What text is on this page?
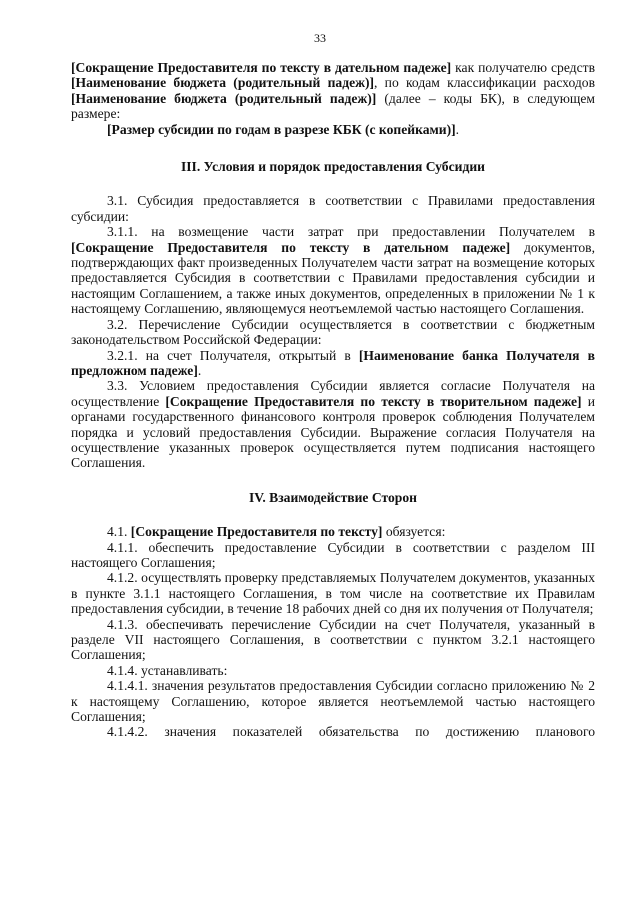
33

[Сокращение Предоставителя по тексту в дательном падеже] как получателю средств [Наименование бюджета (родительный падеж)], по кодам классификации расходов [Наименование бюджета (родительный падеж)] (далее – коды БК), в следующем размере:

[Размер субсидии по годам в разрезе КБК (с копейками)].

III. Условия и порядок предоставления Субсидии

3.1. Субсидия предоставляется в соответствии с Правилами предоставления субсидии:

3.1.1. на возмещение части затрат при предоставлении Получателем в [Сокращение Предоставителя по тексту в дательном падеже] документов, подтверждающих факт произведенных Получателем части затрат на возмещение которых предоставляется Субсидия в соответствии с Правилами предоставления субсидии и настоящим Соглашением, а также иных документов, определенных в приложении № 1 к настоящему Соглашению, являющемуся неотъемлемой частью настоящего Соглашения.

3.2. Перечисление Субсидии осуществляется в соответствии с бюджетным законодательством Российской Федерации:

3.2.1. на счет Получателя, открытый в [Наименование банка Получателя в предложном падеже].

3.3. Условием предоставления Субсидии является согласие Получателя на осуществление [Сокращение Предоставителя по тексту в творительном падеже] и органами государственного финансового контроля проверок соблюдения Получателем порядка и условий предоставления Субсидии. Выражение согласия Получателя на осуществление указанных проверок осуществляется путем подписания настоящего Соглашения.

IV. Взаимодействие Сторон

4.1. [Сокращение Предоставителя по тексту] обязуется:

4.1.1. обеспечить предоставление Субсидии в соответствии с разделом III настоящего Соглашения;

4.1.2. осуществлять проверку представляемых Получателем документов, указанных в пункте 3.1.1 настоящего Соглашения, в том числе на соответствие их Правилам предоставления субсидии, в течение 18 рабочих дней со дня их получения от Получателя;

4.1.3. обеспечивать перечисление Субсидии на счет Получателя, указанный в разделе VII настоящего Соглашения, в соответствии с пунктом 3.2.1 настоящего Соглашения;

4.1.4. устанавливать:

4.1.4.1. значения результатов предоставления Субсидии согласно приложению № 2 к настоящему Соглашению, которое является неотъемлемой частью настоящего Соглашения;

4.1.4.2. значения показателей обязательства по достижению планового
